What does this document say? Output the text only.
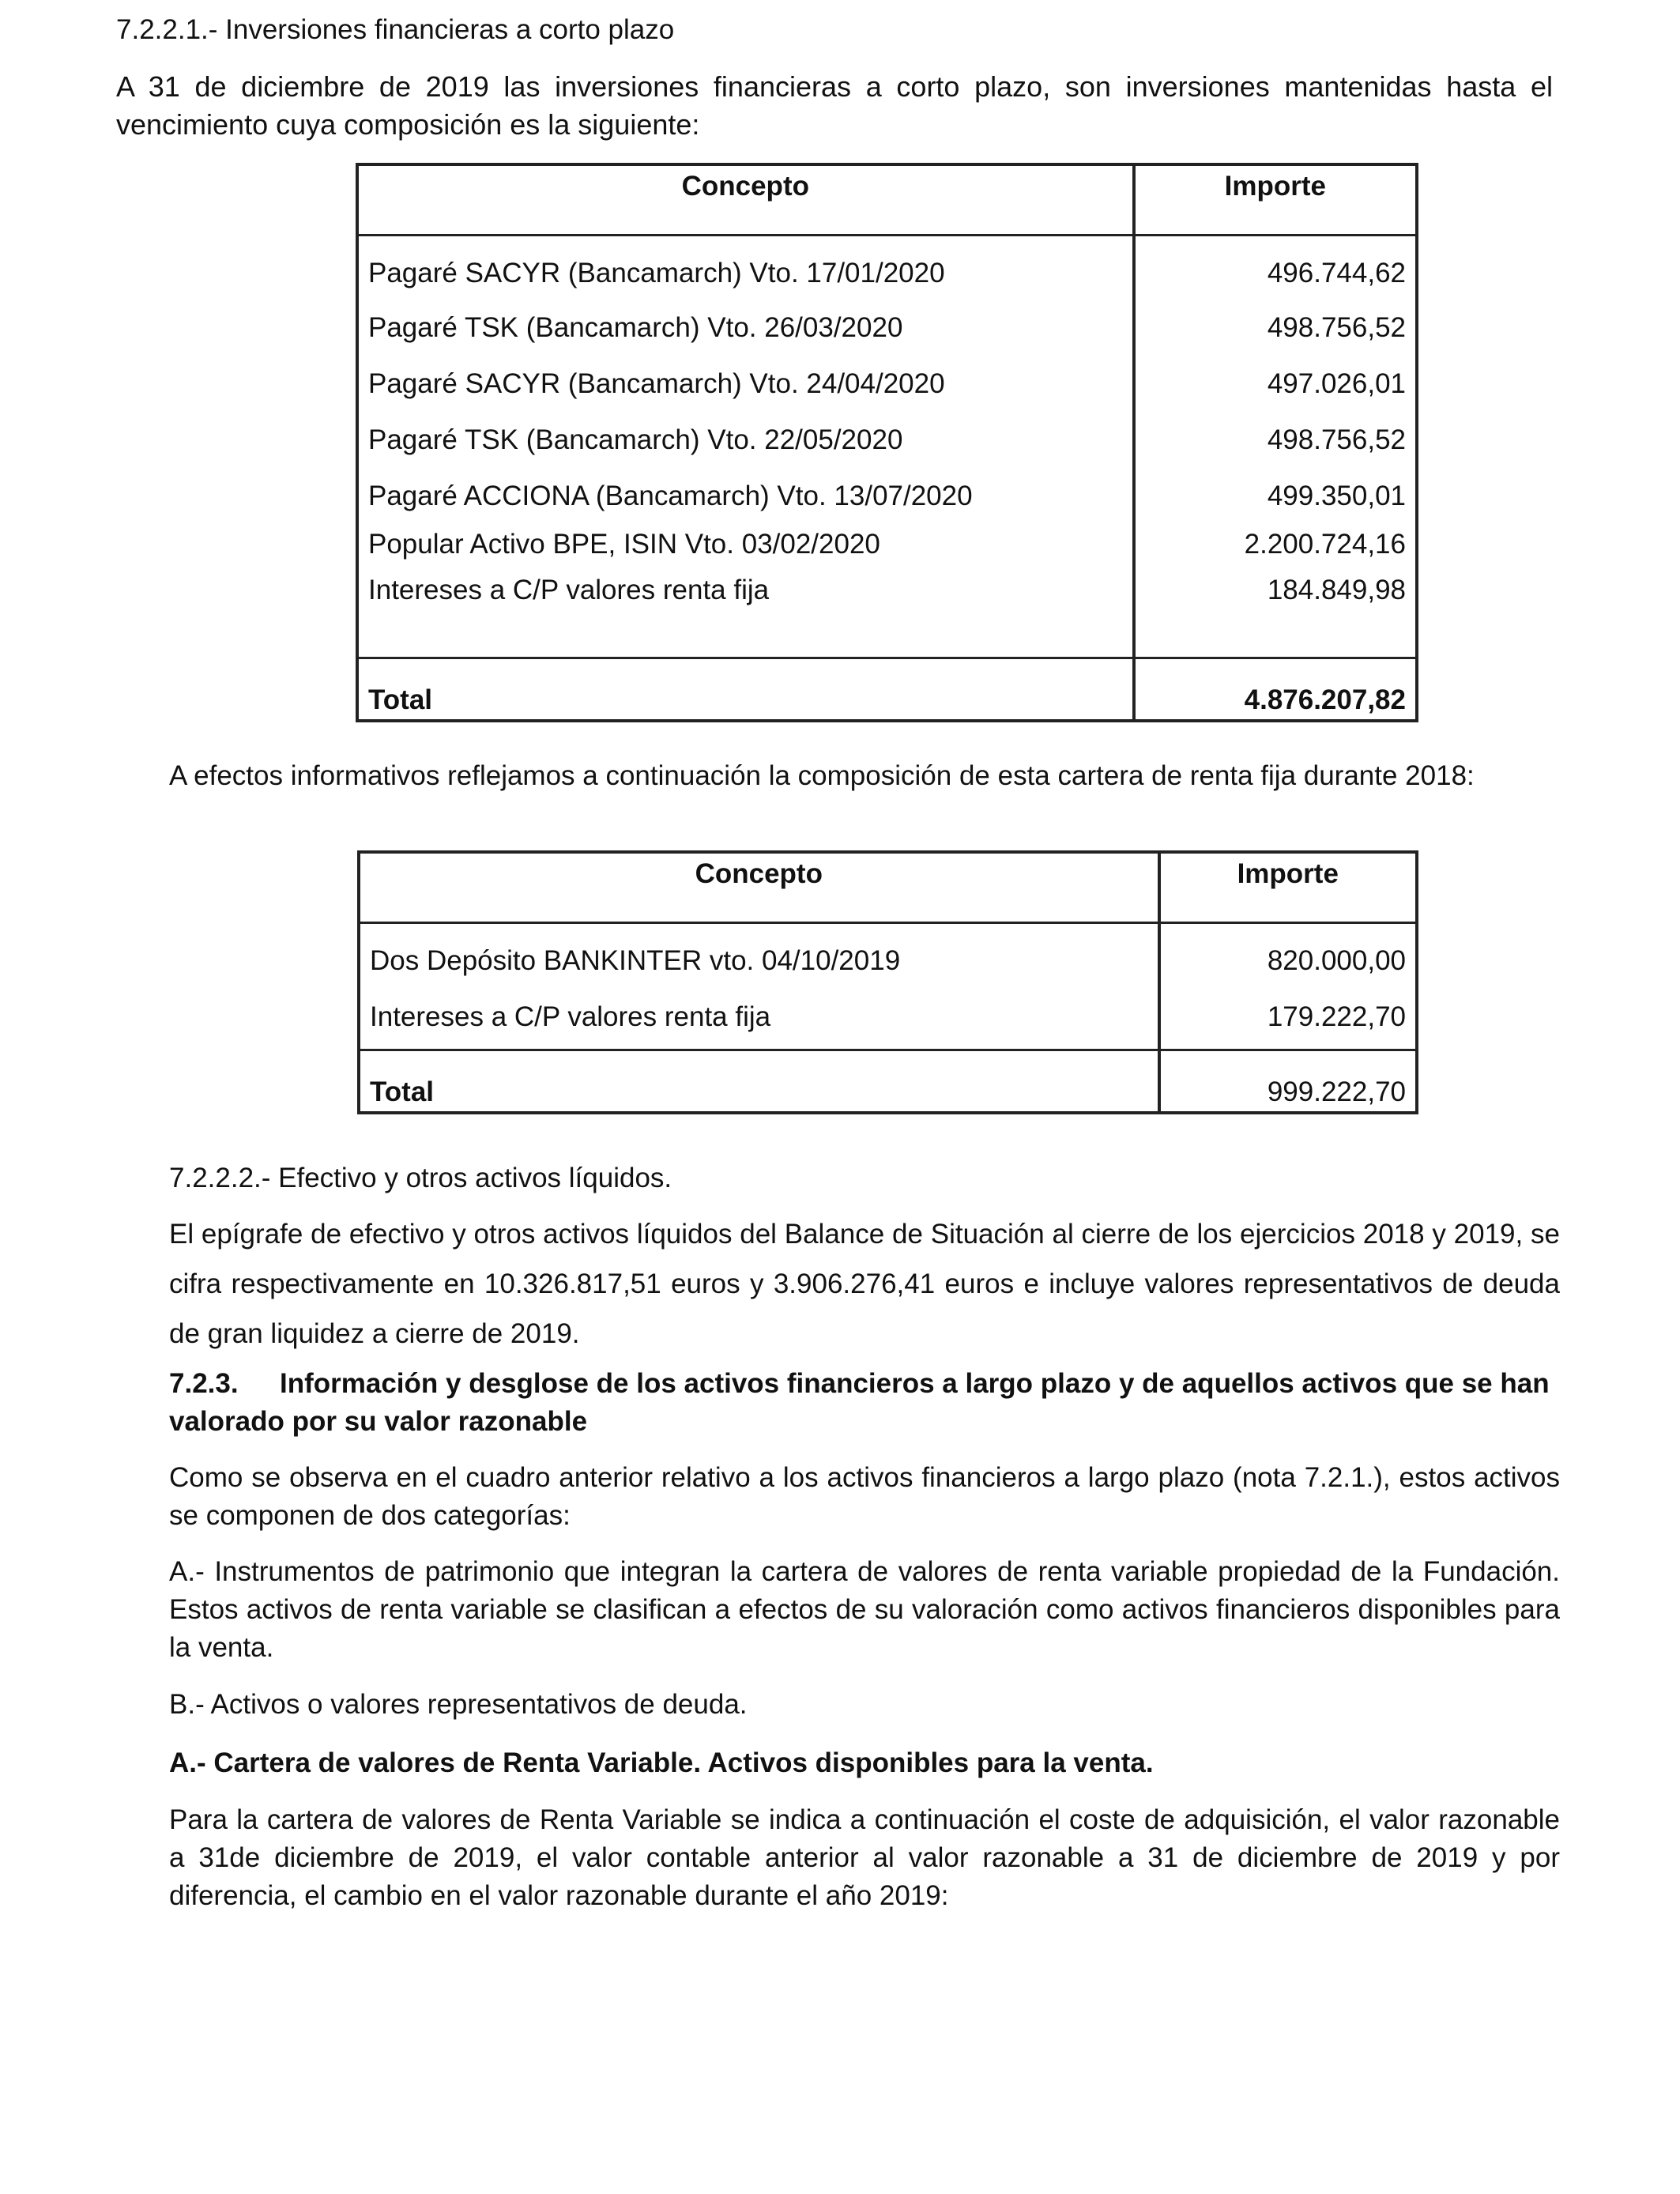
7.2.2.1.- Inversiones financieras a corto plazo

A 31 de diciembre de 2019 las inversiones financieras a corto plazo, son inversiones mantenidas hasta el vencimiento cuya composición es la siguiente:

Concepto	Importe
Pagaré SACYR (Bancamarch) Vto. 17/01/2020	496.744,62
Pagaré TSK (Bancamarch) Vto. 26/03/2020	498.756,52
Pagaré SACYR (Bancamarch) Vto. 24/04/2020	497.026,01
Pagaré TSK (Bancamarch) Vto. 22/05/2020	498.756,52
Pagaré ACCIONA (Bancamarch) Vto. 13/07/2020	499.350,01
Popular Activo BPE, ISIN Vto. 03/02/2020	2.200.724,16
Intereses a C/P valores renta fija	184.849,98

Total	4.876.207,82

A efectos informativos reflejamos a continuación la composición de esta cartera de renta fija durante 2018:

Concepto	Importe
Dos Depósito BANKINTER vto. 04/10/2019	820.000,00
Intereses a C/P valores renta fija	179.222,70

Total	999.222,70

7.2.2.2.- Efectivo y otros activos líquidos.

El epígrafe de efectivo y otros activos líquidos del Balance de Situación al cierre de los ejercicios 2018 y 2019, se cifra respectivamente en 10.326.817,51 euros y 3.906.276,41 euros e incluye valores representativos de deuda de gran liquidez a cierre de 2019.

7.2.3. Información y desglose de los activos financieros a largo plazo y de aquellos activos que se han valorado por su valor razonable

Como se observa en el cuadro anterior relativo a los activos financieros a largo plazo (nota 7.2.1.), estos activos se componen de dos categorías:

A.- Instrumentos de patrimonio que integran la cartera de valores de renta variable propiedad de la Fundación. Estos activos de renta variable se clasifican a efectos de su valoración como activos financieros disponibles para la venta.

B.- Activos o valores representativos de deuda.

A.- Cartera de valores de Renta Variable. Activos disponibles para la venta.

Para la cartera de valores de Renta Variable se indica a continuación el coste de adquisición, el valor razonable a 31de diciembre de 2019, el valor contable anterior al valor razonable a 31 de diciembre de 2019 y por diferencia, el cambio en el valor razonable durante el año 2019:
